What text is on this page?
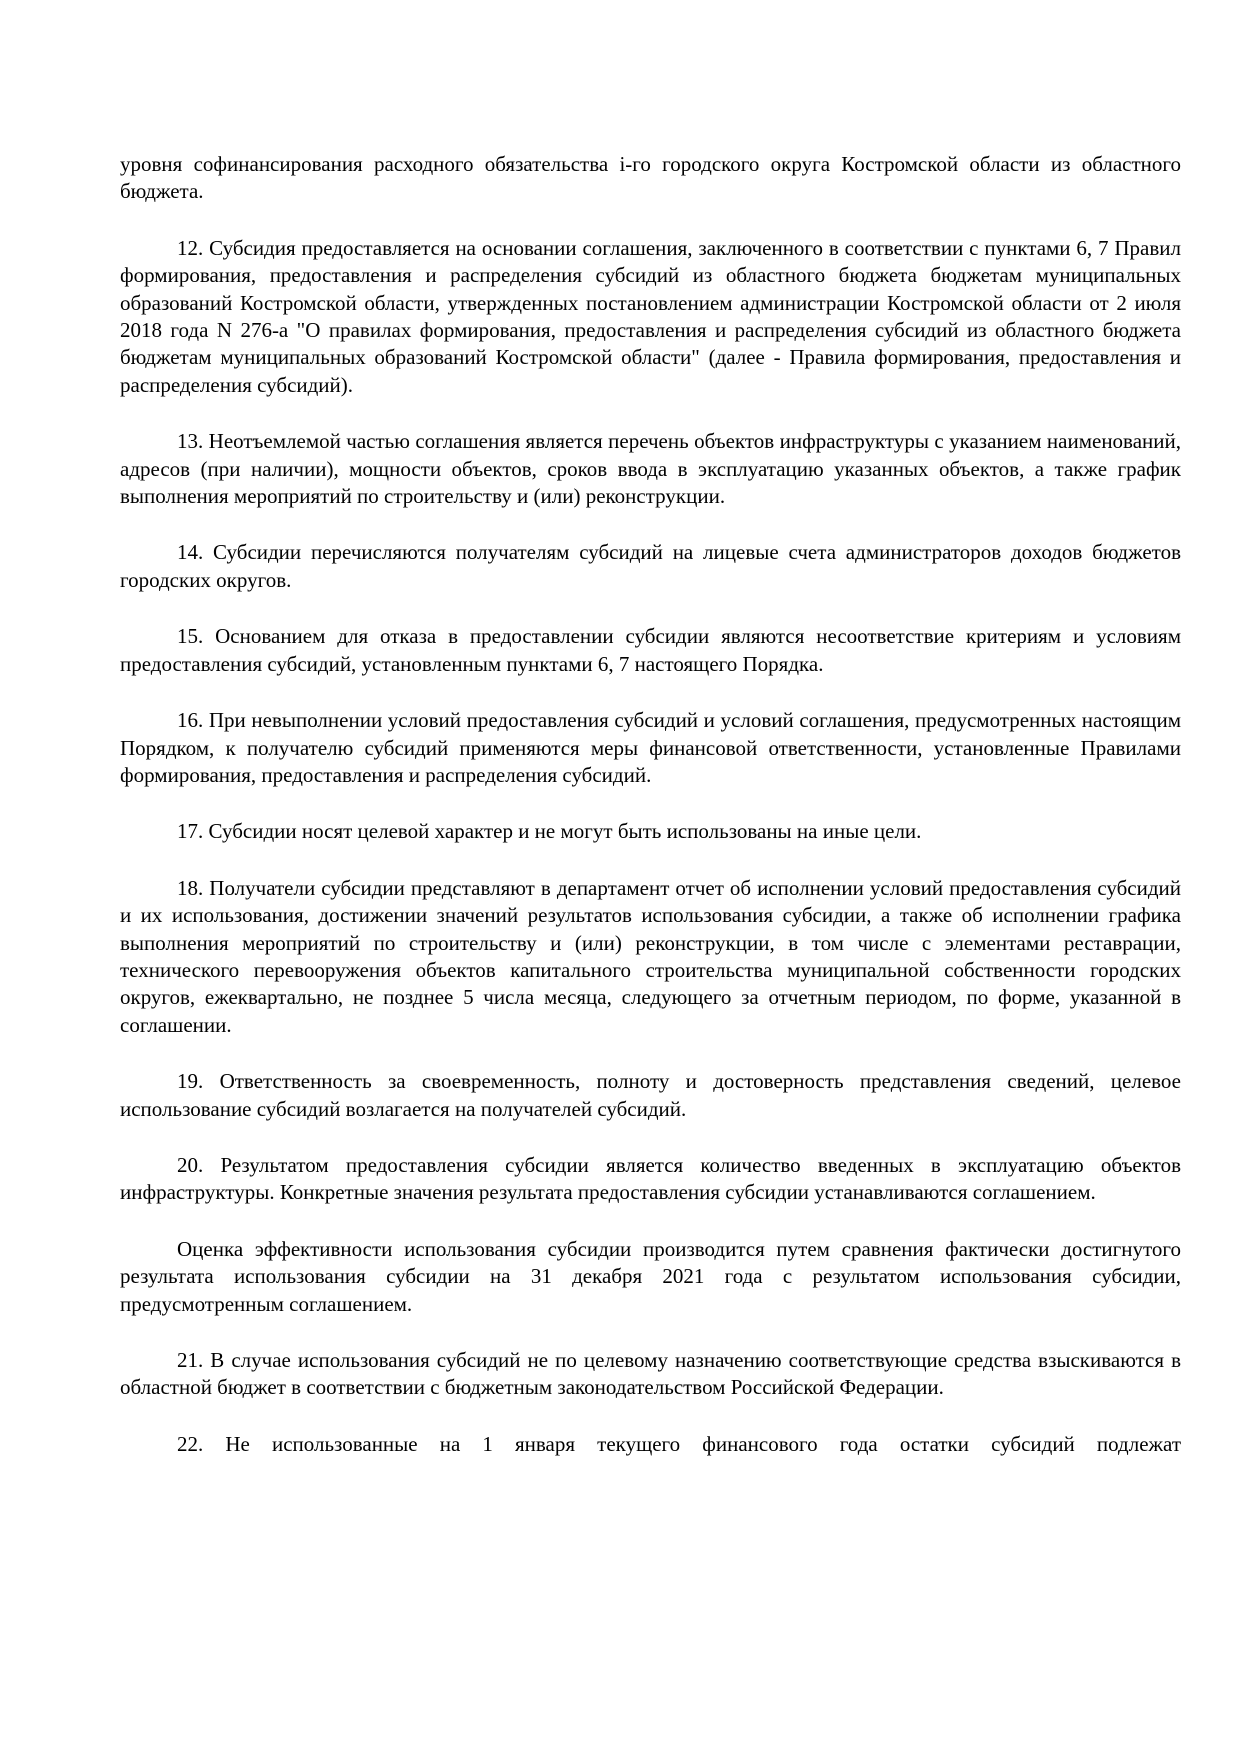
уровня софинансирования расходного обязательства i-го городского округа Костромской области из областного бюджета.

12. Субсидия предоставляется на основании соглашения, заключенного в соответствии с пунктами 6, 7 Правил формирования, предоставления и распределения субсидий из областного бюджета бюджетам муниципальных образований Костромской области, утвержденных постановлением администрации Костромской области от 2 июля 2018 года N 276-а "О правилах формирования, предоставления и распределения субсидий из областного бюджета бюджетам муниципальных образований Костромской области" (далее - Правила формирования, предоставления и распределения субсидий).

13. Неотъемлемой частью соглашения является перечень объектов инфраструктуры с указанием наименований, адресов (при наличии), мощности объектов, сроков ввода в эксплуатацию указанных объектов, а также график выполнения мероприятий по строительству и (или) реконструкции.

14. Субсидии перечисляются получателям субсидий на лицевые счета администраторов доходов бюджетов городских округов.

15. Основанием для отказа в предоставлении субсидии являются несоответствие критериям и условиям предоставления субсидий, установленным пунктами 6, 7 настоящего Порядка.

16. При невыполнении условий предоставления субсидий и условий соглашения, предусмотренных настоящим Порядком, к получателю субсидий применяются меры финансовой ответственности, установленные Правилами формирования, предоставления и распределения субсидий.

17. Субсидии носят целевой характер и не могут быть использованы на иные цели.

18. Получатели субсидии представляют в департамент отчет об исполнении условий предоставления субсидий и их использования, достижении значений результатов использования субсидии, а также об исполнении графика выполнения мероприятий по строительству и (или) реконструкции, в том числе с элементами реставрации, технического перевооружения объектов капитального строительства муниципальной собственности городских округов, ежеквартально, не позднее 5 числа месяца, следующего за отчетным периодом, по форме, указанной в соглашении.

19. Ответственность за своевременность, полноту и достоверность представления сведений, целевое использование субсидий возлагается на получателей субсидий.

20. Результатом предоставления субсидии является количество введенных в эксплуатацию объектов инфраструктуры. Конкретные значения результата предоставления субсидии устанавливаются соглашением.

Оценка эффективности использования субсидии производится путем сравнения фактически достигнутого результата использования субсидии на 31 декабря 2021 года с результатом использования субсидии, предусмотренным соглашением.

21. В случае использования субсидий не по целевому назначению соответствующие средства взыскиваются в областной бюджет в соответствии с бюджетным законодательством Российской Федерации.

22. Не использованные на 1 января текущего финансового года остатки субсидий подлежат
